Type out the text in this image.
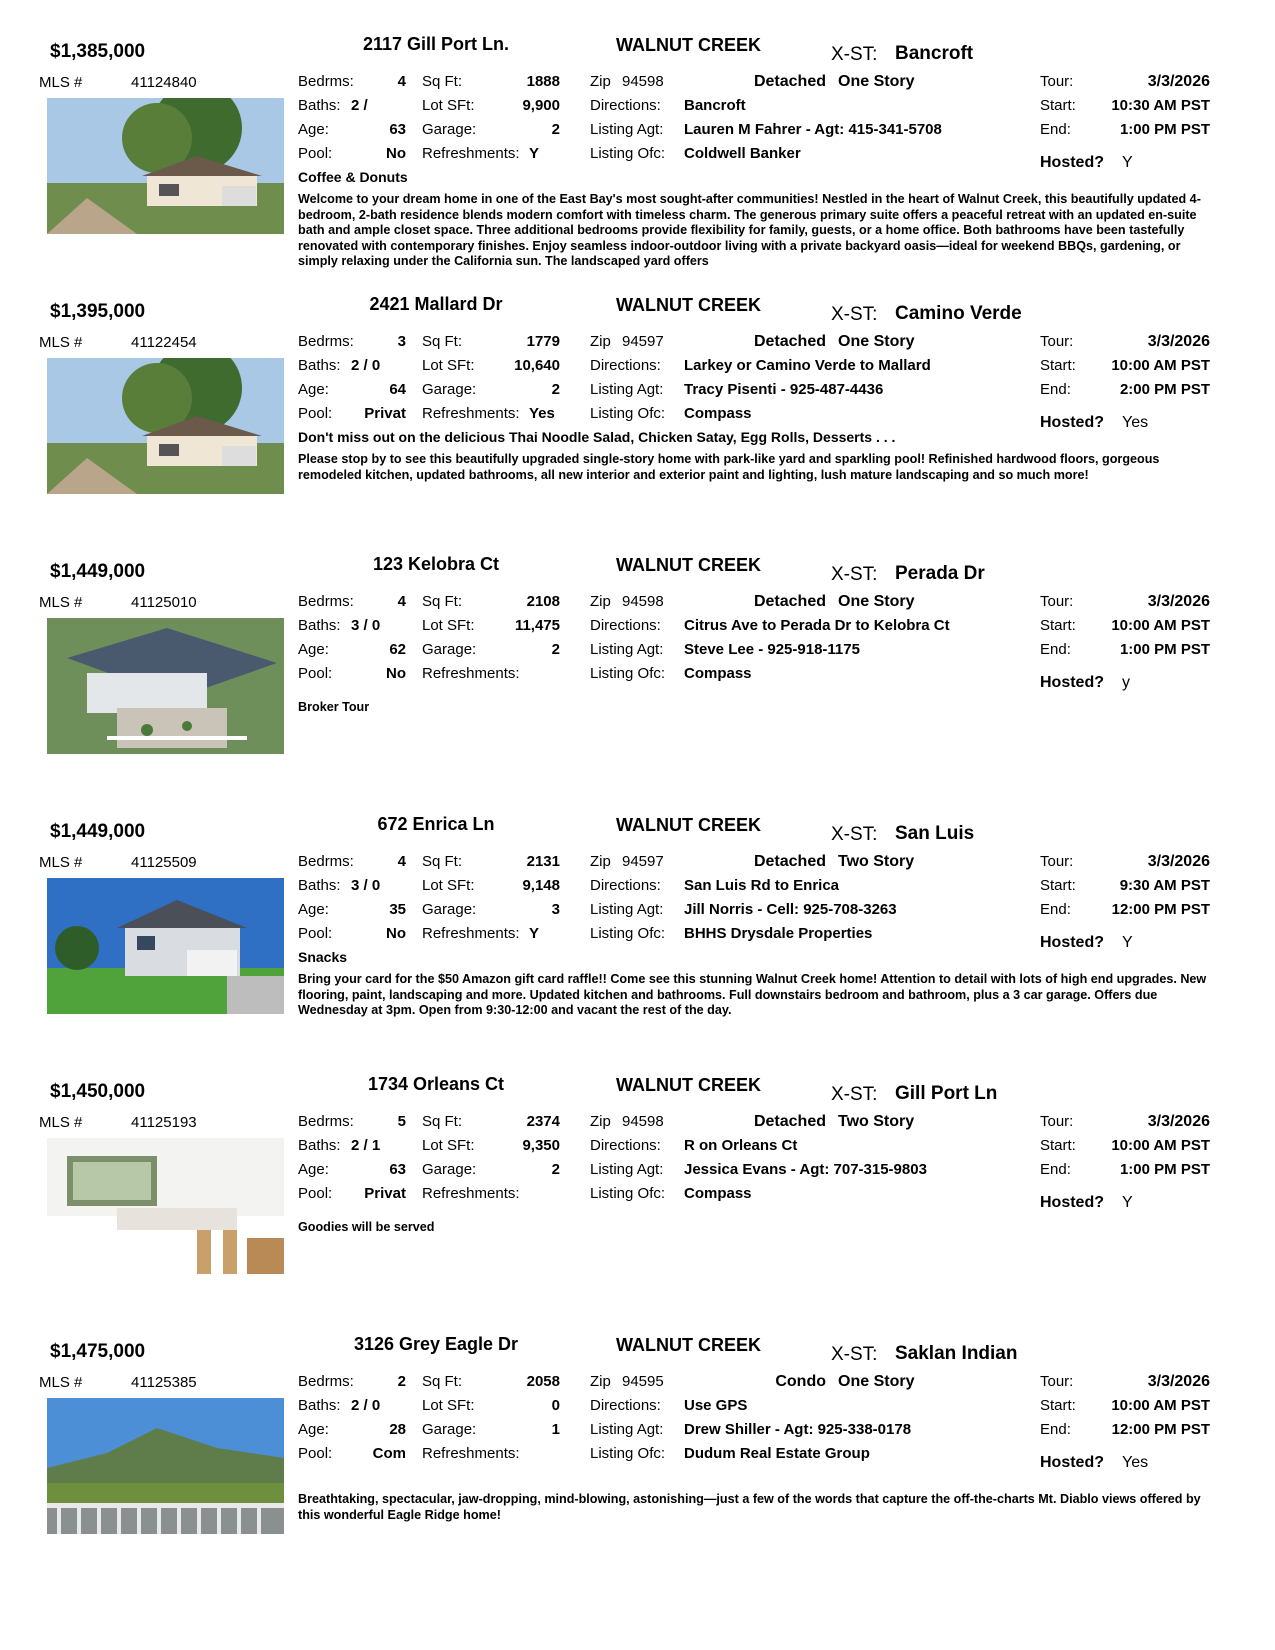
$1,385,000	2117 Gill Port Ln.	WALNUT CREEK	X-ST: Bancroft
MLS #	41124840	Bedrms:	4 Sq Ft:	1888
Baths: 2 /	Lot SFt:	9,900
Age:	63 Garage:	2
Pool:	No Refreshments: Y
Zip 94598	Detached One Story
Directions: Bancroft
Listing Agt: Lauren M Fahrer - Agt: 415-341-5708
Listing Ofc: Coldwell Banker
Tour:	3/3/2026
Start:	10:30 AM PST
End:	1:00 PM PST
Hosted? Y
Coffee & Donuts
Welcome to your dream home in one of the East Bay's most sought-after communities! Nestled in the heart of Walnut Creek, this beautifully updated 4-bedroom, 2-bath residence blends modern comfort with timeless charm. The generous primary suite offers a peaceful retreat with an updated en-suite bath and ample closet space. Three additional bedrooms provide flexibility for family, guests, or a home office. Both bathrooms have been tastefully renovated with contemporary finishes. Enjoy seamless indoor-outdoor living with a private backyard oasis—ideal for weekend BBQs, gardening, or simply relaxing under the California sun. The landscaped yard offers
$1,395,000	2421 Mallard Dr	WALNUT CREEK	X-ST: Camino Verde
MLS #	41122454	Bedrms:	3 Sq Ft:	1779
Baths: 2 / 0	Lot SFt:	10,640
Age:	64 Garage:	2
Pool:	Privat Refreshments: Yes
Zip 94597	Detached One Story
Directions: Larkey or Camino Verde to Mallard
Listing Agt: Tracy Pisenti - 925-487-4436
Listing Ofc: Compass
Tour:	3/3/2026
Start:	10:00 AM PST
End:	2:00 PM PST
Hosted? Yes
Don't miss out on the delicious Thai Noodle Salad, Chicken Satay, Egg Rolls, Desserts . . .
Please stop by to see this beautifully upgraded single-story home with park-like yard and sparkling pool! Refinished hardwood floors, gorgeous remodeled kitchen, updated bathrooms, all new interior and exterior paint and lighting, lush mature landscaping and so much more!
$1,449,000	123 Kelobra Ct	WALNUT CREEK	X-ST: Perada Dr
MLS #	41125010	Bedrms:	4 Sq Ft:	2108
Baths: 3 / 0	Lot SFt:	11,475
Age:	62 Garage:	2
Pool:	No Refreshments:
Zip 94598	Detached One Story
Directions: Citrus Ave to Perada Dr to Kelobra Ct
Listing Agt: Steve Lee - 925-918-1175
Listing Ofc: Compass
Tour:	3/3/2026
Start:	10:00 AM PST
End:	1:00 PM PST
Hosted? y
Broker Tour
$1,449,000	672 Enrica Ln	WALNUT CREEK	X-ST: San Luis
MLS #	41125509	Bedrms:	4 Sq Ft:	2131
Baths: 3 / 0	Lot SFt:	9,148
Age:	35 Garage:	3
Pool:	No Refreshments: Y
Zip 94597	Detached Two Story
Directions: San Luis Rd to Enrica
Listing Agt: Jill Norris - Cell: 925-708-3263
Listing Ofc: BHHS Drysdale Properties
Tour:	3/3/2026
Start:	9:30 AM PST
End:	12:00 PM PST
Hosted? Y
Snacks
Bring your card for the $50 Amazon gift card raffle!! Come see this stunning Walnut Creek home! Attention to detail with lots of high end upgrades. New flooring, paint, landscaping and more. Updated kitchen and bathrooms. Full downstairs bedroom and bathroom, plus a 3 car garage. Offers due Wednesday at 3pm. Open from 9:30-12:00 and vacant the rest of the day.
$1,450,000	1734 Orleans Ct	WALNUT CREEK	X-ST: Gill Port Ln
MLS #	41125193	Bedrms:	5 Sq Ft:	2374
Baths: 2 / 1	Lot SFt:	9,350
Age:	63 Garage:	2
Pool:	Privat Refreshments:
Zip 94598	Detached Two Story
Directions: R on Orleans Ct
Listing Agt: Jessica Evans - Agt: 707-315-9803
Listing Ofc: Compass
Tour:	3/3/2026
Start:	10:00 AM PST
End:	1:00 PM PST
Hosted? Y
Goodies will be served
$1,475,000	3126 Grey Eagle Dr	WALNUT CREEK	X-ST: Saklan Indian
MLS #	41125385	Bedrms:	2 Sq Ft:	2058
Baths: 2 / 0	Lot SFt:	0
Age:	28 Garage:	1
Pool:	Com Refreshments:
Zip 94595	Condo One Story
Directions: Use GPS
Listing Agt: Drew Shiller - Agt: 925-338-0178
Listing Ofc: Dudum Real Estate Group
Tour:	3/3/2026
Start:	10:00 AM PST
End:	12:00 PM PST
Hosted? Yes
Breathtaking, spectacular, jaw-dropping, mind-blowing, astonishing—just a few of the words that capture the off-the-charts Mt. Diablo views offered by this wonderful Eagle Ridge home!
